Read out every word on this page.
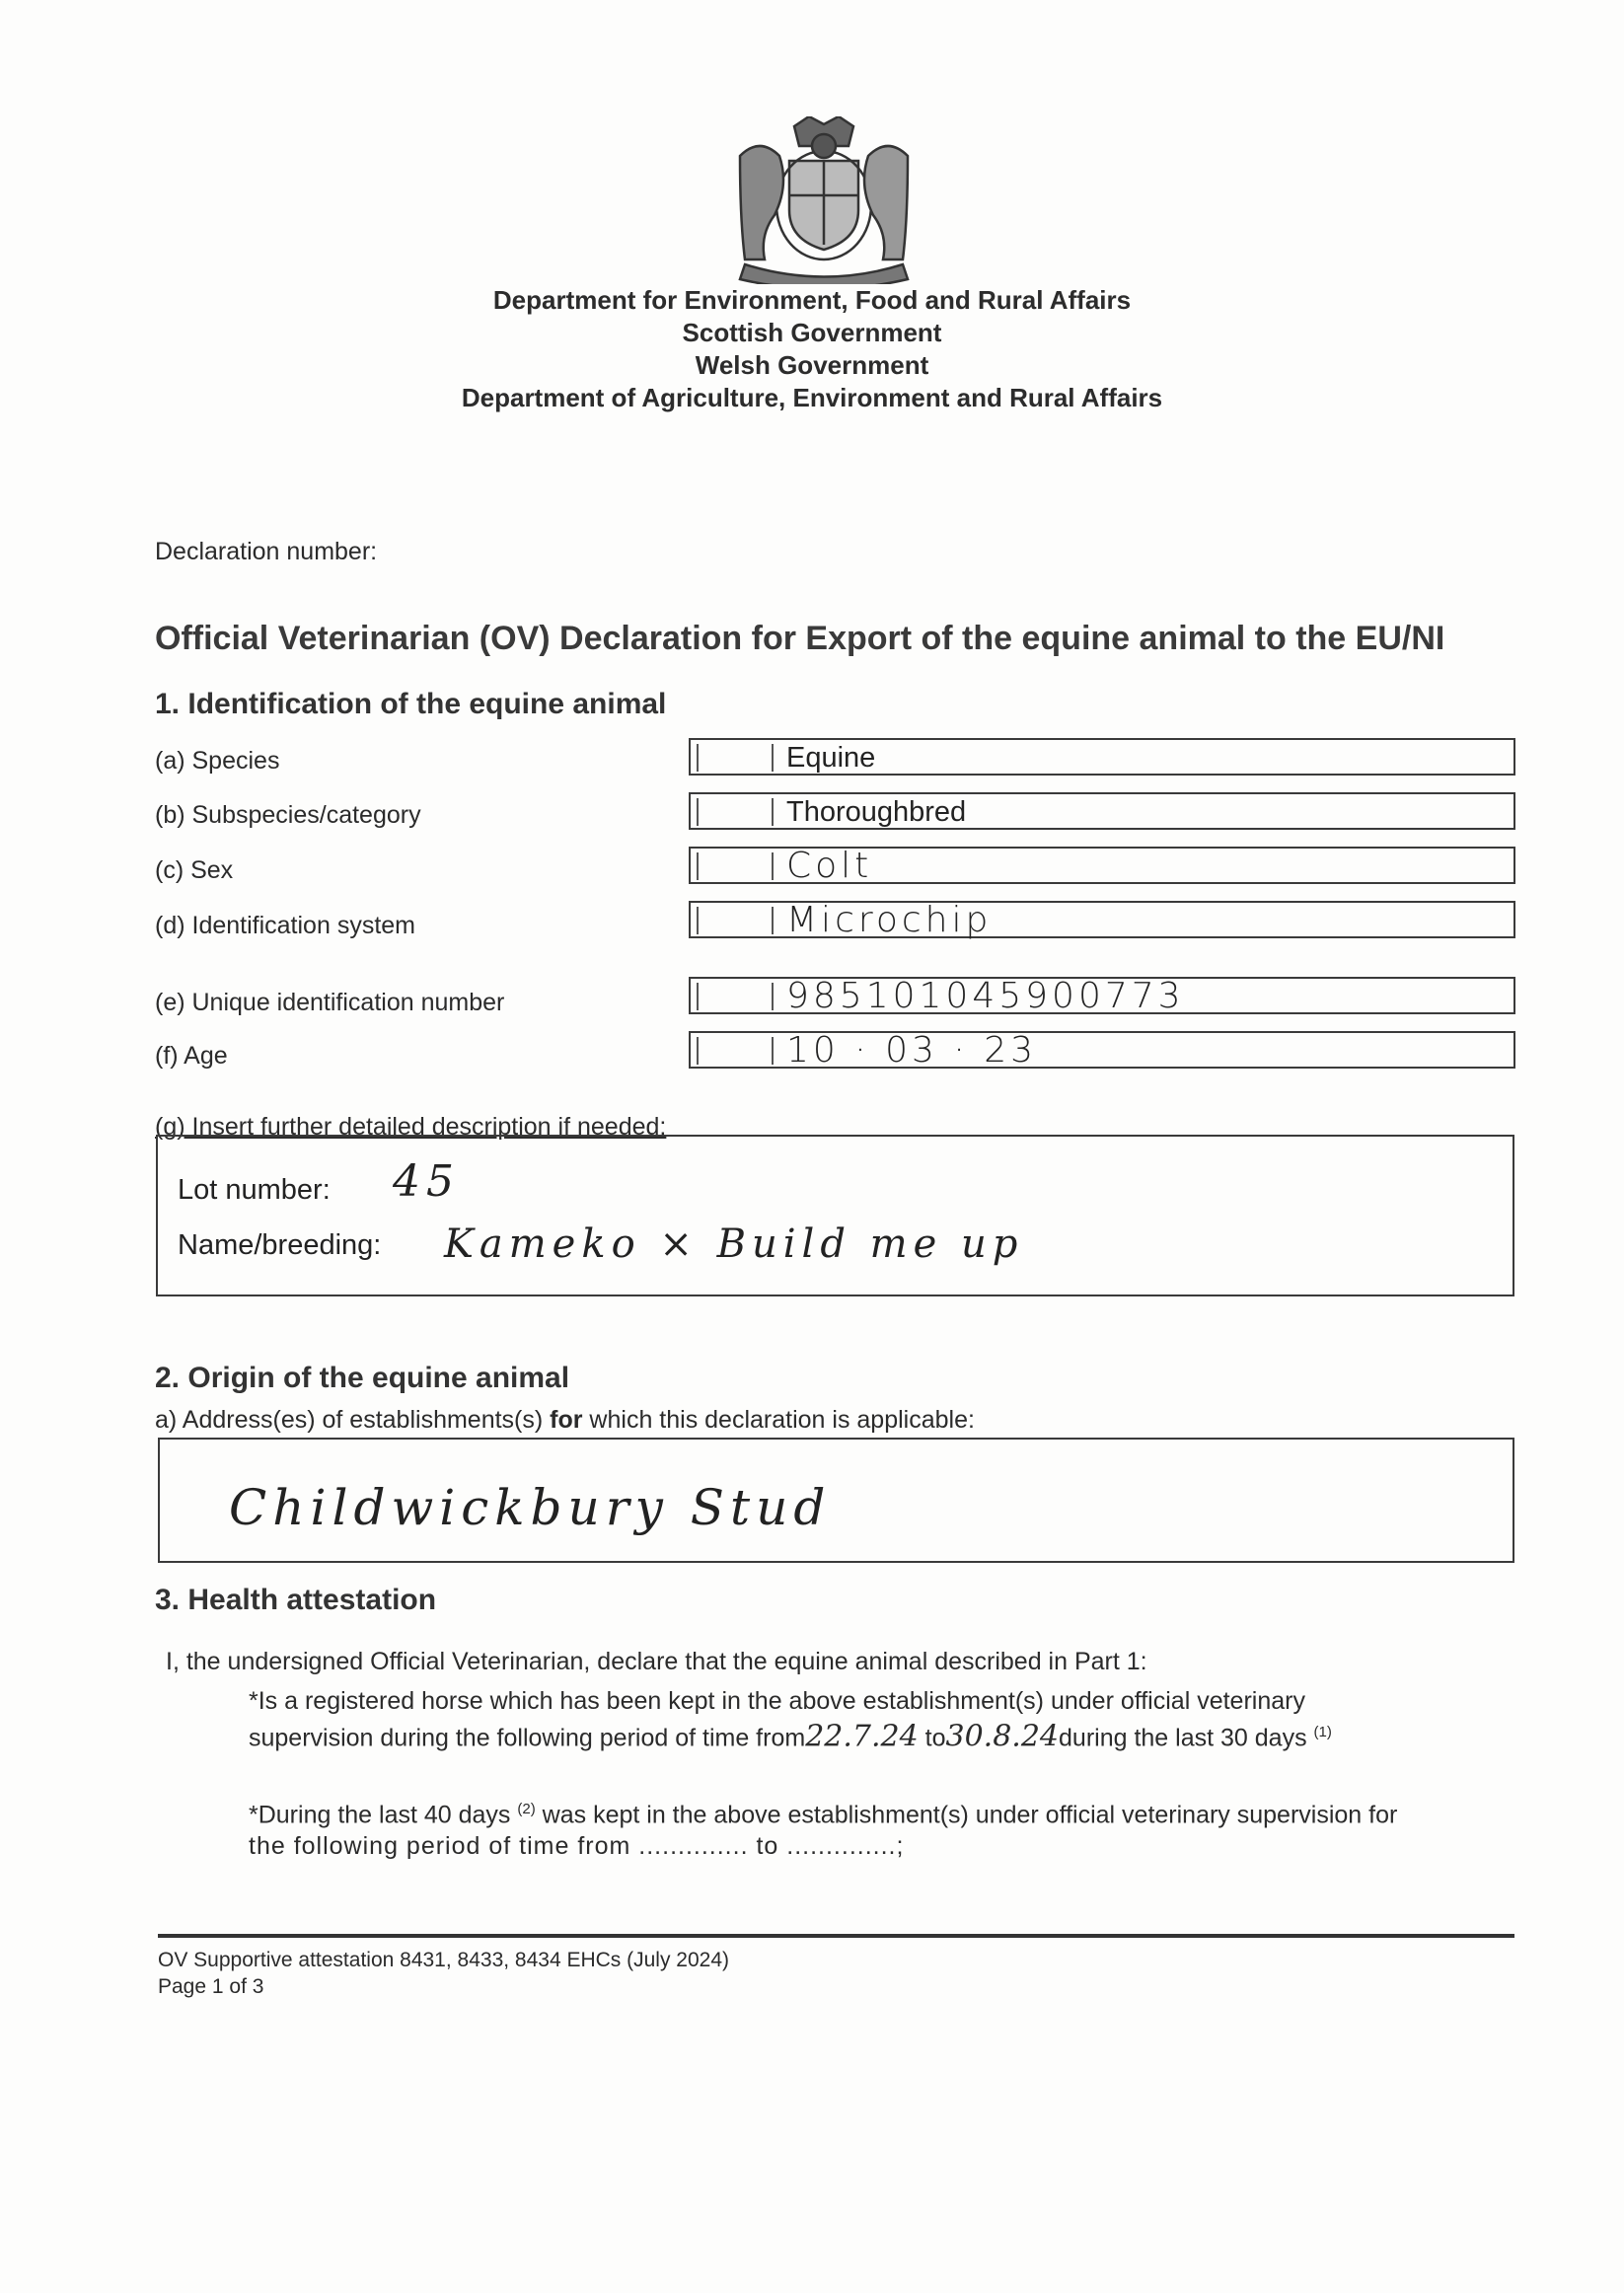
Department for Environment, Food and Rural Affairs
Scottish Government
Welsh Government
Department of Agriculture, Environment and Rural Affairs
Declaration number:
Official Veterinarian (OV) Declaration for Export of the equine animal to the EU/NI
1. Identification of the equine animal
(a) Species	Equine
(b) Subspecies/category	Thoroughbred
(c) Sex	Colt
(d) Identification system	Microchip
(e) Unique identification number	985101045900773
(f) Age	10 · 03 · 23
(g) Insert further detailed description if needed:
Lot number: 45
Name/breeding: Kameko × Build me up
2. Origin of the equine animal
a) Address(es) of establishments(s) for which this declaration is applicable:
Childwickbury Stud
3. Health attestation
I, the undersigned Official Veterinarian, declare that the equine animal described in Part 1:
*Is a registered horse which has been kept in the above establishment(s) under official veterinary
supervision during the following period of time from22.7.24 to30.8.24during the last 30 days $^{(1)}$
*During the last 40 days $^{(2)}$ was kept in the above establishment(s) under official veterinary supervision for
the following period of time from .............. to ..............;
OV Supportive attestation 8431, 8433, 8434 EHCs (July 2024)
Page 1 of 3
